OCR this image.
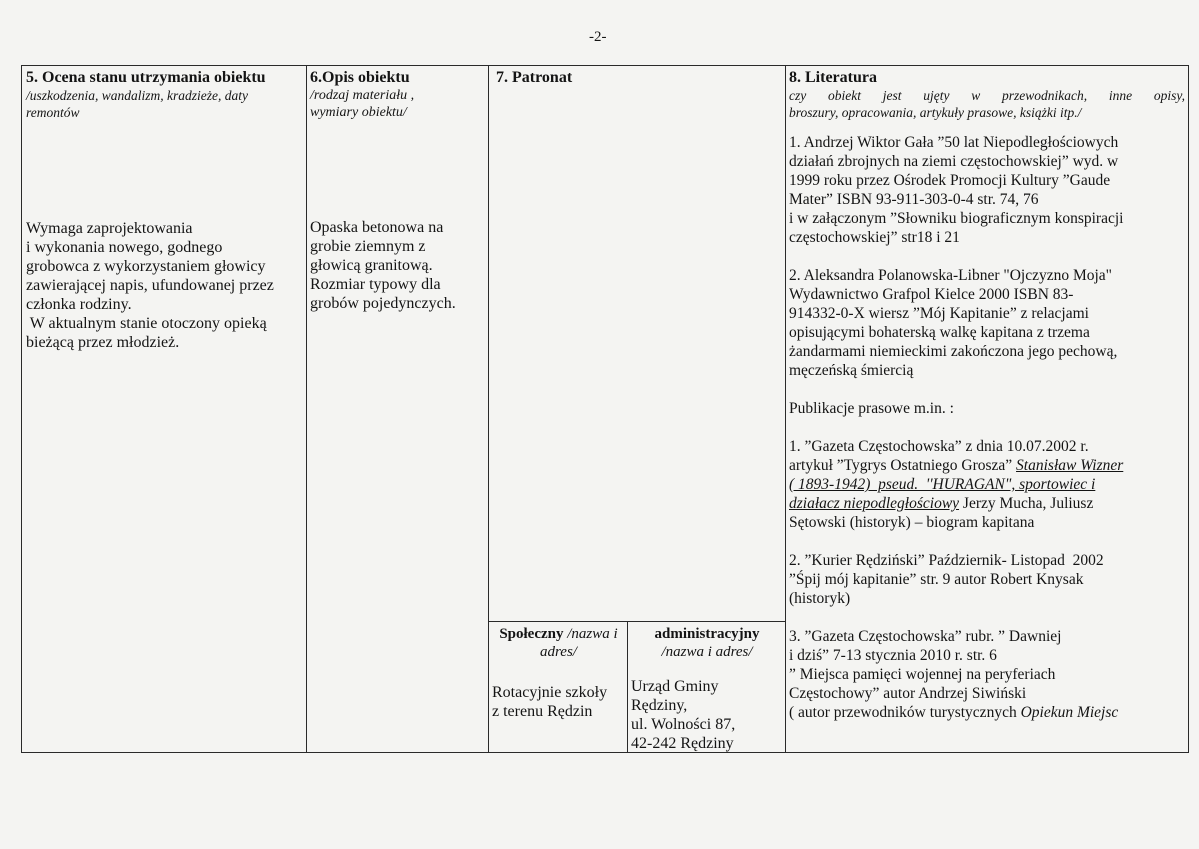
-2-
5. Ocena stanu utrzymania obiektu
/uszkodzenia, wandalizm, kradzieże, daty remontów
Wymaga zaprojektowania
i wykonania nowego, godnego
grobowca z wykorzystaniem głowicy
zawierającej napis, ufundowanej przez
członka rodziny.
W aktualnym stanie otoczony opieką
bieżącą przez młodzież.
6.Opis obiektu
/rodzaj materiału ,
wymiary obiektu/
Opaska betonowa na
grobie ziemnym z
głowicą granitową.
Rozmiar typowy dla
grobów pojedynczych.
7. Patronat
Społeczny /nazwa i
adres/
Rotacyjnie szkoły
z terenu Rędzin
administracyjny
/nazwa i adres/
Urząd Gminy
Rędziny,
ul. Wolności 87,
42-242 Rędziny
8. Literatura
czy obiekt jest ujęty w przewodnikach, inne opisy,
broszury, opracowania, artykuły prasowe, książki itp./
1. Andrzej Wiktor Gała ”50 lat Niepodległościowych
działań zbrojnych na ziemi częstochowskiej” wyd. w
1999 roku przez Ośrodek Promocji Kultury ”Gaude
Mater” ISBN 93-911-303-0-4 str. 74, 76
i w załączonym ”Słowniku biograficznym konspiracji
częstochowskiej” str18 i 21
2. Aleksandra Polanowska-Libner "Ojczyzno Moja"
Wydawnictwo Grafpol Kielce 2000 ISBN 83-
914332-0-X wiersz ”Mój Kapitanie” z relacjami
opisującymi bohaterską walkę kapitana z trzema
żandarmami niemieckimi zakończona jego pechową,
męczeńską śmiercią
Publikacje prasowe m.in. :
1. ”Gazeta Częstochowska” z dnia 10.07.2002 r.
artykuł ”Tygrys Ostatniego Grosza” Stanisław Wizner
( 1893-1942)  pseud.  ''HURAGAN", sportowiec i
działacz niepodległościowy Jerzy Mucha, Juliusz
Sętowski (historyk) – biogram kapitana
2. ”Kurier Rędziński” Październik- Listopad  2002
”Śpij mój kapitanie” str. 9 autor Robert Knysak
(historyk)
3. ”Gazeta Częstochowska” rubr. ” Dawniej
i dziś” 7-13 stycznia 2010 r. str. 6
” Miejsca pamięci wojennej na peryferiach
Częstochowy” autor Andrzej Siwiński
( autor przewodników turystycznych Opiekun Miejsc
